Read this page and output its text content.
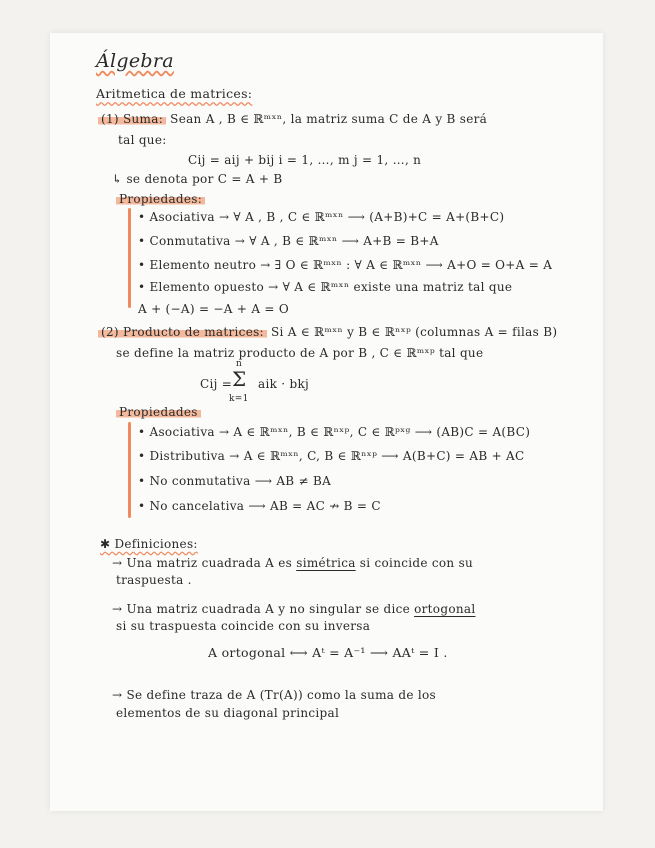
Álgebra
Aritmetica de matrices:
(1) Suma: Sean A , B ∈ ℝᵐˣⁿ, la matriz suma C de A y B será
tal que:
Cij = aij + bij i = 1, …, m j = 1, …, n
↳ se denota por C = A + B
Propiedades:
• Asociativa → ∀ A , B , C ∈ ℝᵐˣⁿ ⟶ (A+B)+C = A+(B+C)
• Conmutativa → ∀ A , B ∈ ℝᵐˣⁿ ⟶ A+B = B+A
• Elemento neutro → ∃ O ∈ ℝᵐˣⁿ : ∀ A ∈ ℝᵐˣⁿ ⟶ A+O = O+A = A
• Elemento opuesto → ∀ A ∈ ℝᵐˣⁿ existe una matriz tal que
A + (−A) = −A + A = O
(2) Producto de matrices: Si A ∈ ℝᵐˣⁿ y B ∈ ℝⁿˣᵖ (columnas A = filas B)
se define la matriz producto de A por B , C ∈ ℝᵐˣᵖ tal que
Cij =
n
Σ
k=1
aik · bkj
Propiedades
• Asociativa → A ∈ ℝᵐˣⁿ, B ∈ ℝⁿˣᵖ, C ∈ ℝᵖˣᵍ ⟶ (AB)C = A(BC)
• Distributiva → A ∈ ℝᵐˣⁿ, C, B ∈ ℝⁿˣᵖ ⟶ A(B+C) = AB + AC
• No conmutativa ⟶ AB ≠ BA
• No cancelativa ⟶ AB = AC ↛ B = C
✱ Definiciones:
→ Una matriz cuadrada A es simétrica si coincide con su
traspuesta .
→ Una matriz cuadrada A y no singular se dice ortogonal
si su traspuesta coincide con su inversa
A ortogonal ⟷ Aᵗ = A⁻¹ ⟶ AAᵗ = I .
→ Se define traza de A (Tr(A)) como la suma de los
elementos de su diagonal principal
